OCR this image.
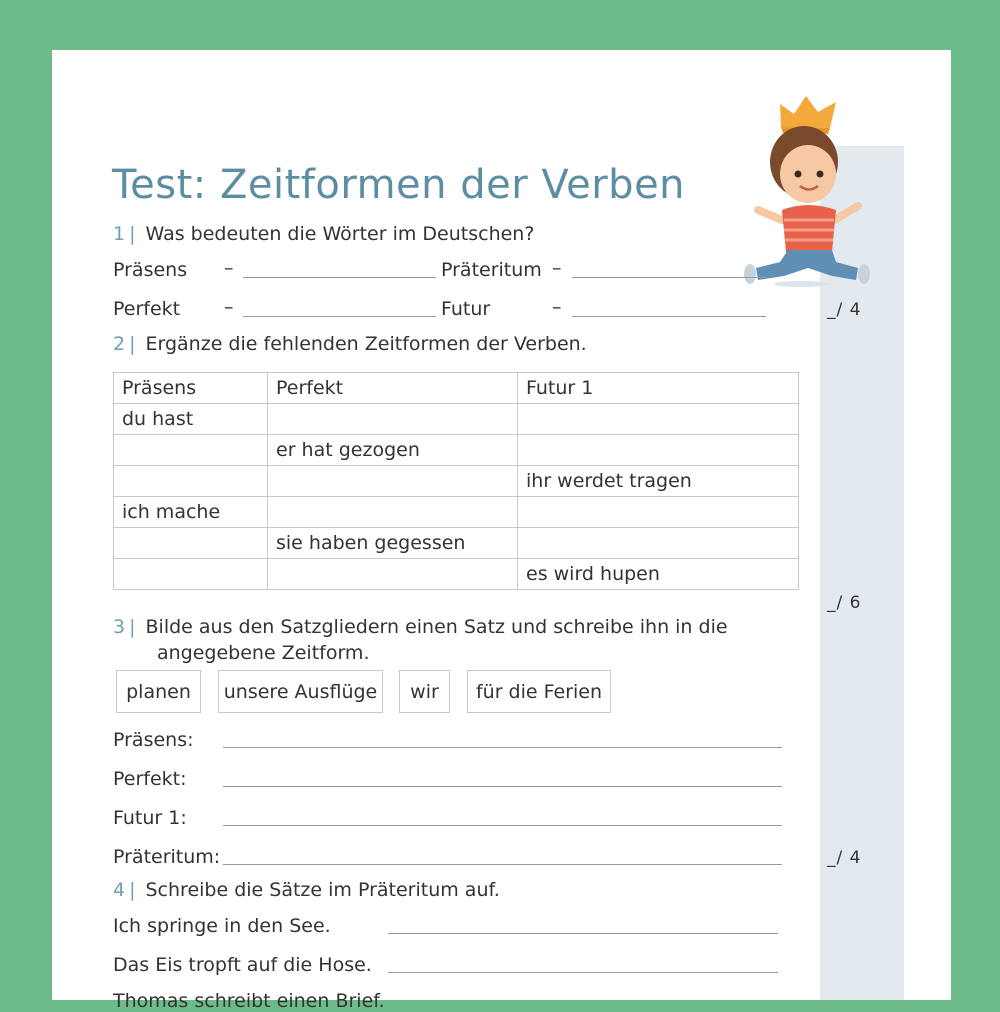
Test: Zeitformen der Verben
1 | Was bedeuten die Wörter im Deutschen?
Präsens –	Präteritum –
Perfekt –	Futur	–	_/ 4
2 | Ergänze die fehlenden Zeitformen der Verben.
Präsens	Perfekt	Futur 1
du hast		
	er hat gezogen	
		ihr werdet tragen
ich mache		
	sie haben gegessen	
		es wird hupen
_/ 6
3 | Bilde aus den Satzgliedern einen Satz und schreibe ihn in die
angegebene Zeitform.
planen	unsere Ausflüge	wir	für die Ferien
Präsens:
Perfekt:
Futur 1:
Präteritum:	_/ 4
4 | Schreibe die Sätze im Präteritum auf.
Ich springe in den See.
Das Eis tropft auf die Hose.
Thomas schreibt einen Brief.
